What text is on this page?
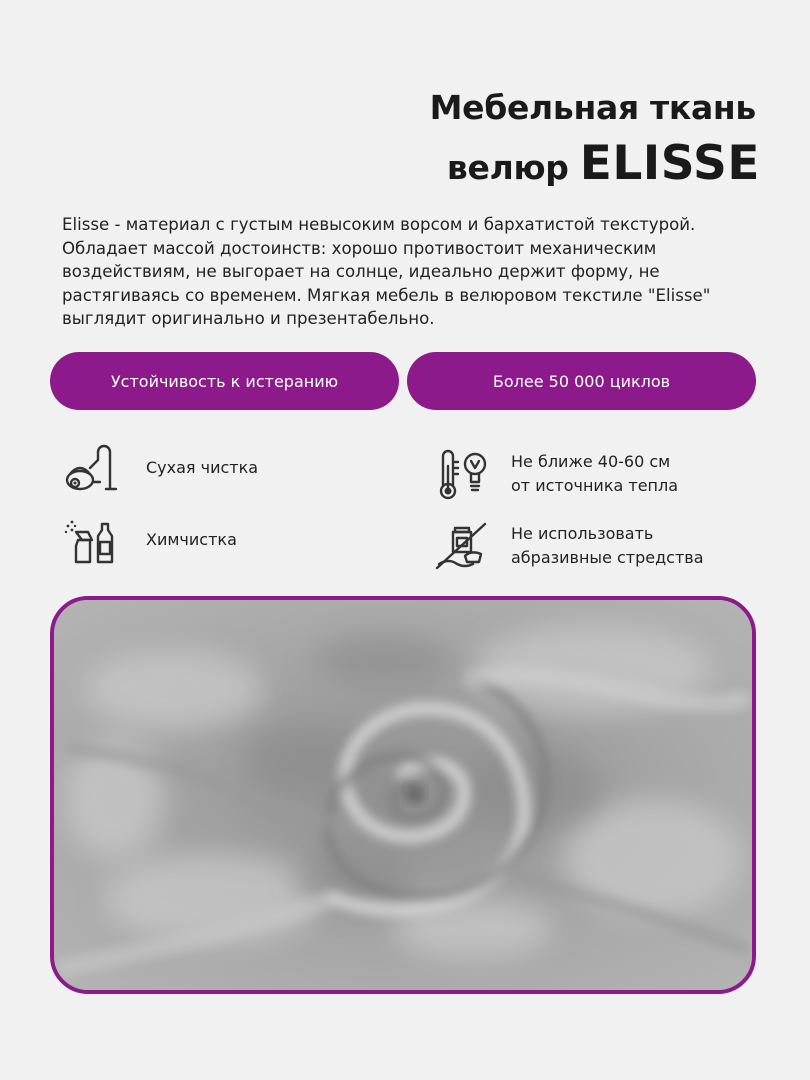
Мебельная ткань

велюр ELISSE

Elisse - материал с густым невысоким ворсом и бархатистой текстурой. Обладает массой достоинств: хорошо противостоит механическим воздействиям, не выгорает на солнце, идеально держит форму, не растягиваясь со временем. Мягкая мебель в велюровом текстиле "Elisse" выглядит оригинально и презентабельно.

Устойчивость к истеранию	Более 50 000 циклов
Сухая чистка
Химчистка
Не ближе 40-60 см
от источника тепла
Не использовать
абразивные стредства
